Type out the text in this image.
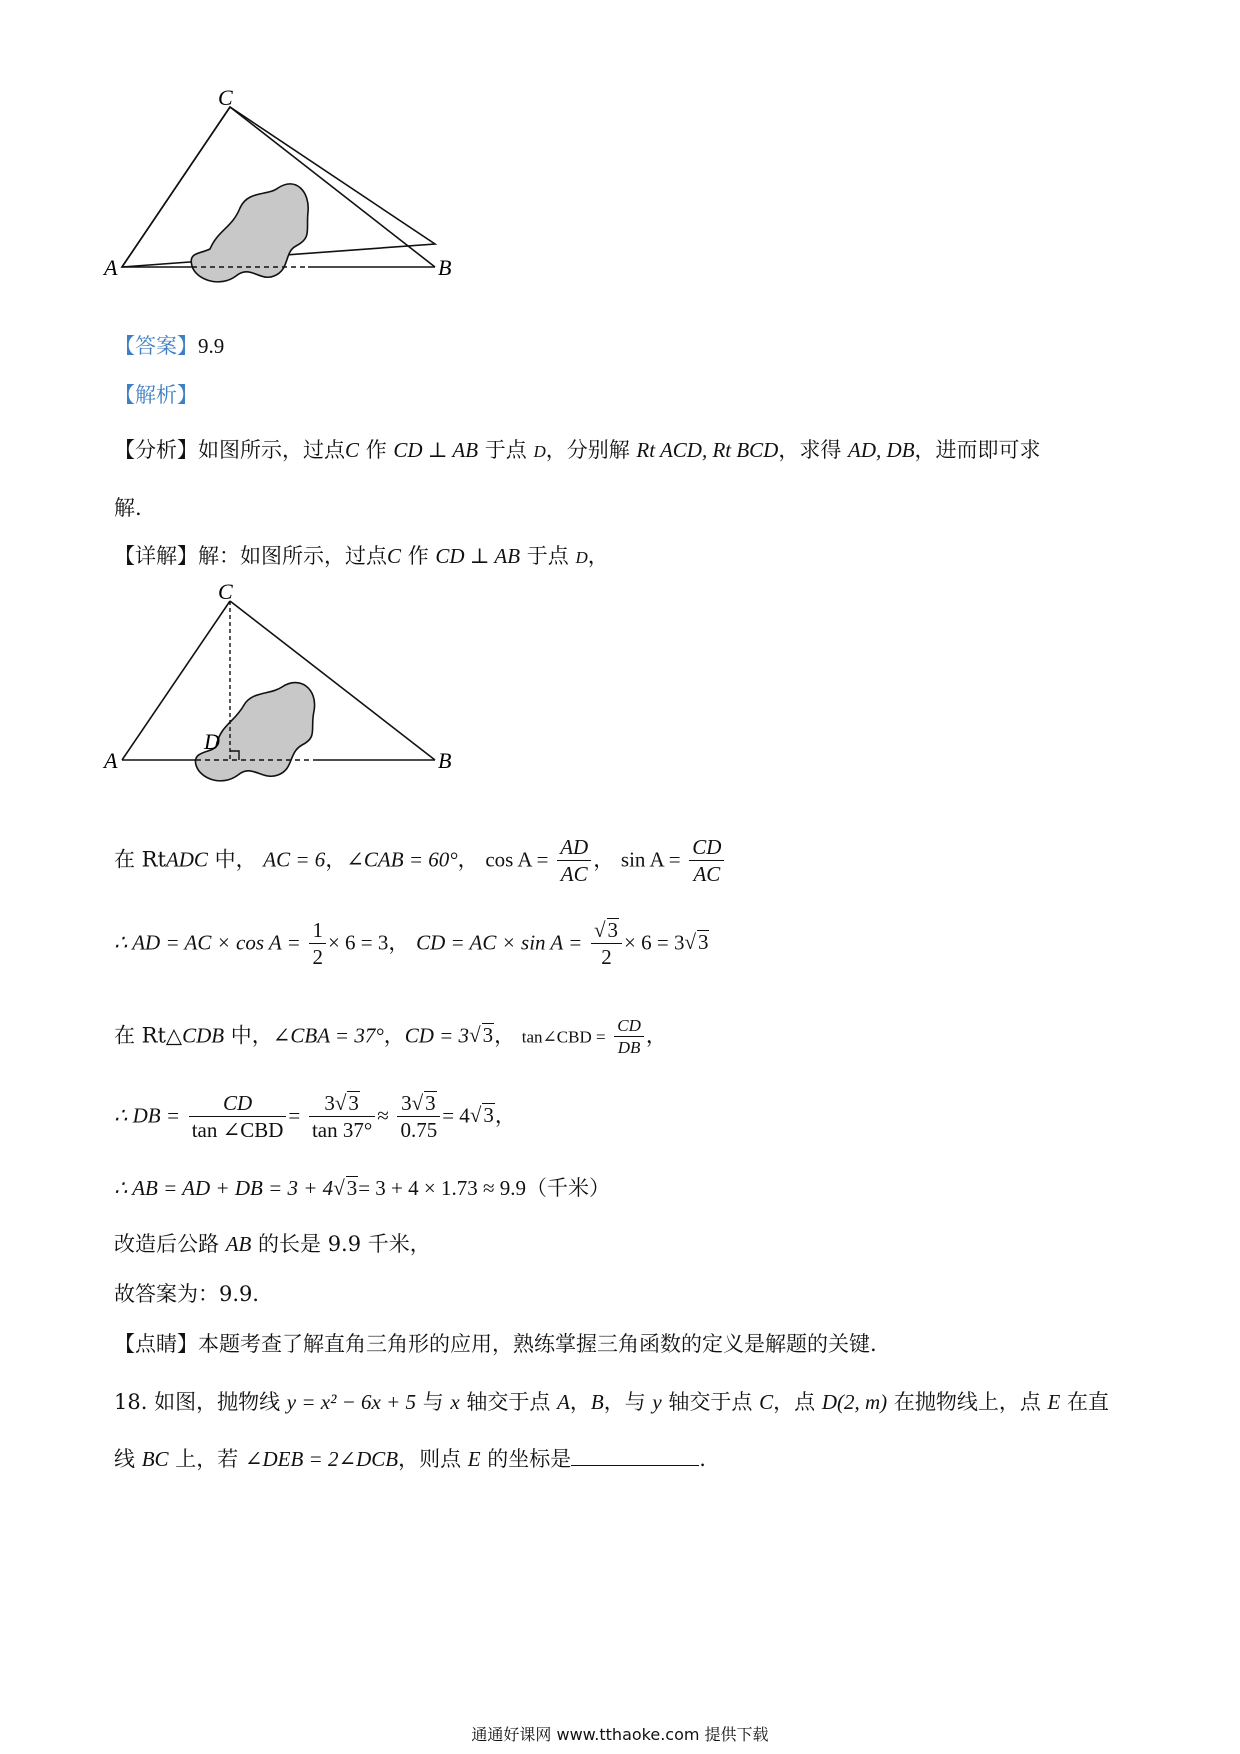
C
A	B
【答案】9.9
【解析】
【分析】如图所示，过点C 作 CD ⊥ AB 于点 D，分别解 Rt ACD, Rt BCD，求得 AD, DB，进而即可求
解.
【详解】解：如图所示，过点C 作 CD ⊥ AB 于点 D，
C
D
A	B
在 RtADC 中， AC = 6，∠CAB = 60°， $\cos A = \frac{AD}{AC}$ ， $\sin A = \frac{CD}{AC}$
∴ AD = AC × $\cos A = \frac{1}{2} \times 6 = 3$， CD = AC × $\sin A = \frac{√3}{2} \times 6 = 3√3$
在 Rt△CDB 中，∠CBA = 37°，CD = 3√3， tan∠CBD = $\frac{CD}{DB}$ ，
∴ DB = $\frac{CD}{\text{tan ∠CBD}} = \frac{3√3}{\tan 37^\circ} \approx \frac{3√3}{0.75} = 4√3$，
∴ AB = AD + DB = 3 + 4√3= 3 + 4 × 1.73 ≈ 9.9（千米）
改造后公路 AB 的长是 9.9 千米，
故答案为：9.9．
【点睛】本题考查了解直角三角形的应用，熟练掌握三角函数的定义是解题的关键.
18. 如图，抛物线 y = x² − 6x + 5 与 x 轴交于点 A，B，与 y 轴交于点 C，点 D(2, m) 在抛物线上，点 E 在直
线 BC 上，若 ∠DEB = 2∠DCB，则点 E 的坐标是	.
通通好课网 www.tthaoke.com 提供下载
